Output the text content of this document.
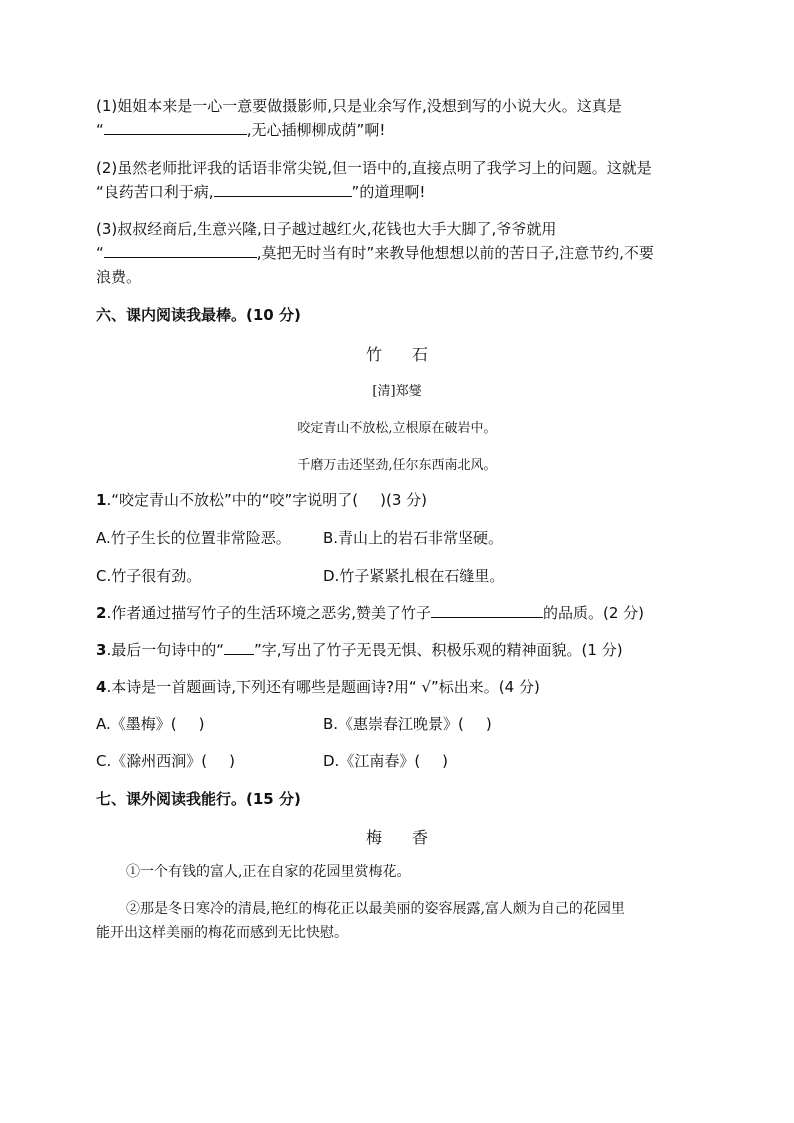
(1)姐姐本来是一心一意要做摄影师,只是业余写作,没想到写的小说大火。这真是
“	,无心插柳柳成荫”啊!
(2)虽然老师批评我的话语非常尖锐,但一语中的,直接点明了我学习上的问题。这就是
“良药苦口利于病,	”的道理啊!
(3)叔叔经商后,生意兴隆,日子越过越红火,花钱也大手大脚了,爷爷就用
“	,莫把无时当有时”来教导他想想以前的苦日子,注意节约,不要
浪费。
六、课内阅读我最棒。(10 分)
竹 石
[清]郑燮
咬定青山不放松,立根原在破岩中。
千磨万击还坚劲,任尔东西南北风。
1.“咬定青山不放松”中的“咬”字说明了( )(3 分)
A.竹子生长的位置非常险恶。 B.青山上的岩石非常坚硬。
C.竹子很有劲。	D.竹子紧紧扎根在石缝里。
2.作者通过描写竹子的生活环境之恶劣,赞美了竹子	的品质。(2 分)
3.最后一句诗中的“ ”字,写出了竹子无畏无惧、积极乐观的精神面貌。(1 分)
4.本诗是一首题画诗,下列还有哪些是题画诗?用“ √”标出来。(4 分)
A.《墨梅》( )	B.《惠崇春江晚景》( )
C.《滁州西涧》( )	D.《江南春》( )
七、课外阅读我能行。(15 分)
梅 香
①一个有钱的富人,正在自家的花园里赏梅花。
②那是冬日寒冷的清晨,艳红的梅花正以最美丽的姿容展露,富人颇为自己的花园里
能开出这样美丽的梅花而感到无比快慰。
